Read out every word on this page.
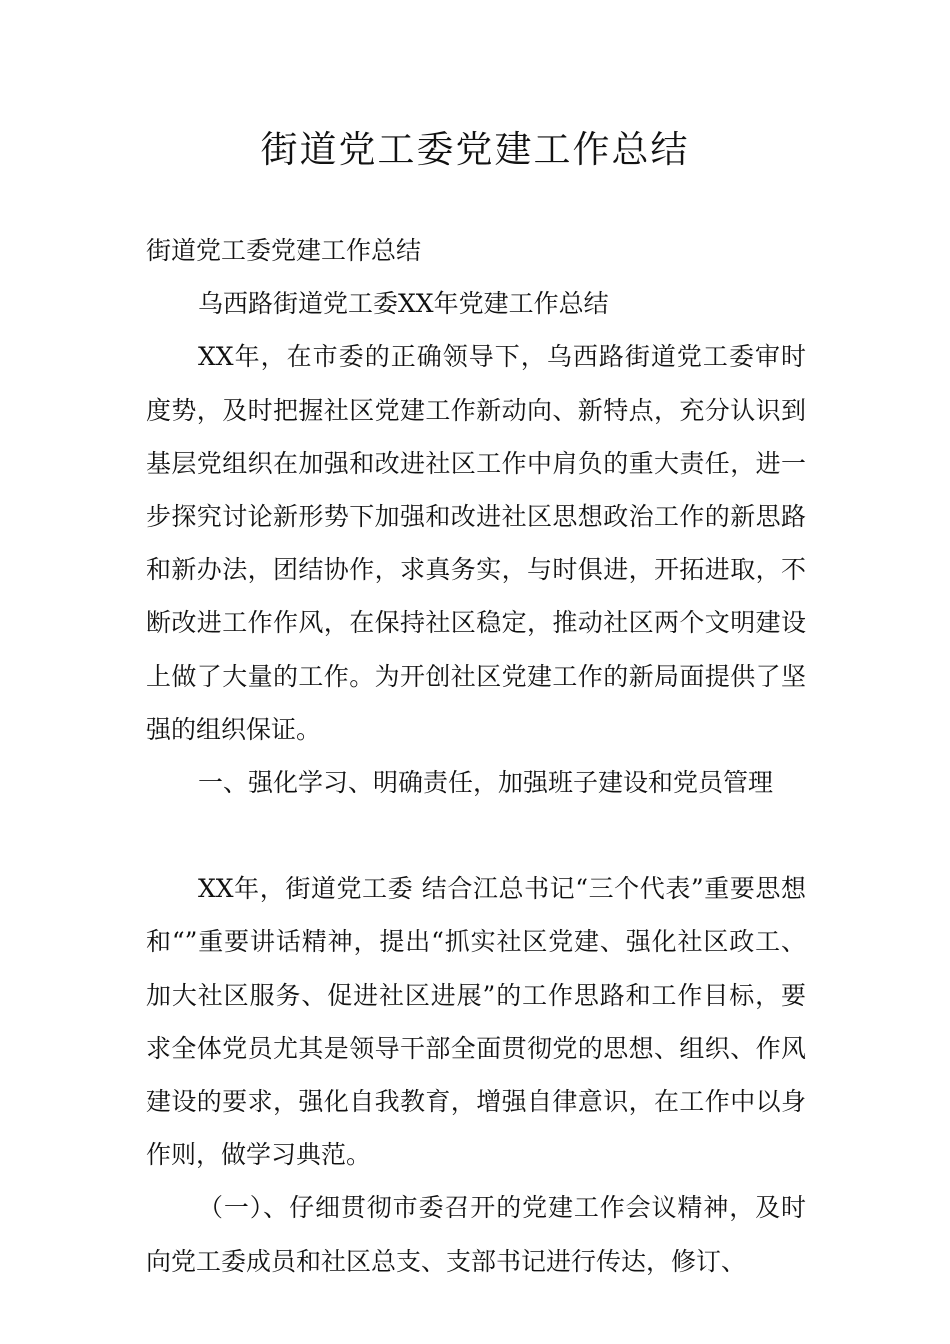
街道党工委党建工作总结

街道党工委党建工作总结

乌西路街道党工委XX年党建工作总结

XX年，在市委的正确领导下，乌西路街道党工委审时度势，及时把握社区党建工作新动向、新特点，充分认识到基层党组织在加强和改进社区工作中肩负的重大责任，进一步探究讨论新形势下加强和改进社区思想政治工作的新思路和新办法，团结协作，求真务实，与时俱进，开拓进取，不断改进工作作风，在保持社区稳定，推动社区两个文明建设上做了大量的工作。为开创社区党建工作的新局面提供了坚强的组织保证。

一、强化学习、明确责任，加强班子建设和党员管理

XX年，街道党工委 结合江总书记“三个代表”重要思想和“”重要讲话精神，提出“抓实社区党建、强化社区政工、加大社区服务、促进社区进展”的工作思路和工作目标，要求全体党员尤其是领导干部全面贯彻党的思想、组织、作风建设的要求，强化自我教育，增强自律意识，在工作中以身作则，做学习典范。

（一）、仔细贯彻市委召开的党建工作会议精神，及时向党工委成员和社区总支、支部书记进行传达，修订、
